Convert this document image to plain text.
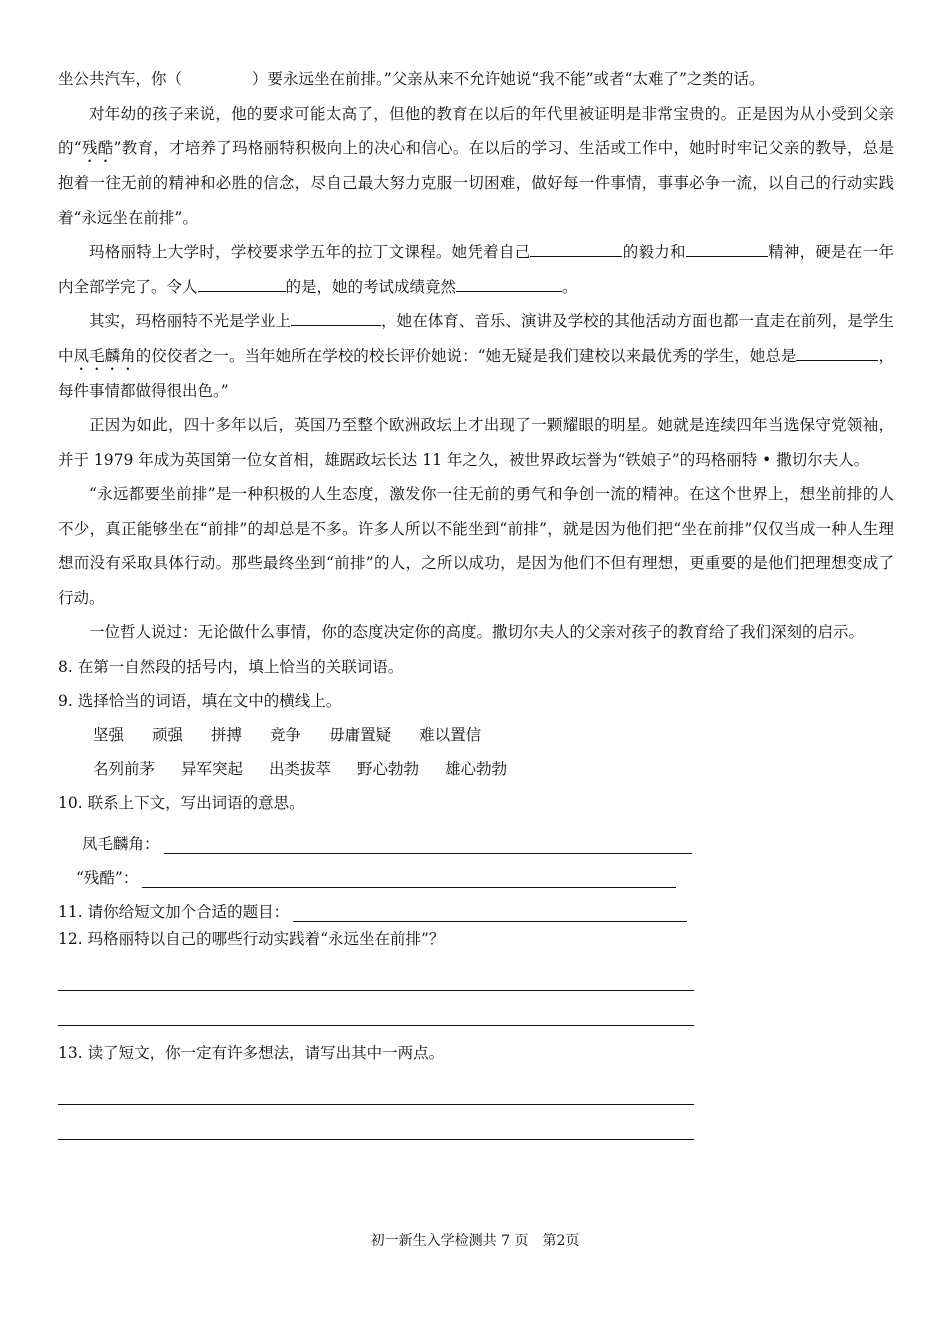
坐公共汽车，你（	）要永远坐在前排。”父亲从来不允许她说“我不能”或者“太难了”之类的话。

对年幼的孩子来说，他的要求可能太高了，但他的教育在以后的年代里被证明是非常宝贵的。正是因为从小受到父亲的“残酷”教育，才培养了玛格丽特积极向上的决心和信心。在以后的学习、生活或工作中，她时时牢记父亲的教导，总是抱着一往无前的精神和必胜的信念，尽自己最大努力克服一切困难，做好每一件事情，事事必争一流，以自己的行动实践着“永远坐在前排”。

玛格丽特上大学时，学校要求学五年的拉丁文课程。她凭着自己	的毅力和	精神，硬是在一年内全部学完了。令人	的是，她的考试成绩竟然	。

其实，玛格丽特不光是学业上	，她在体育、音乐、演讲及学校的其他活动方面也都一直走在前列，是学生中凤毛麟角的佼佼者之一。当年她所在学校的校长评价她说：“她无疑是我们建校以来最优秀的学生，她总是	，每件事情都做得很出色。”

正因为如此，四十多年以后，英国乃至整个欧洲政坛上才出现了一颗耀眼的明星。她就是连续四年当选保守党领袖，并于 1979 年成为英国第一位女首相，雄踞政坛长达 11 年之久，被世界政坛誉为“铁娘子”的玛格丽特 • 撒切尔夫人。

“永远都要坐前排”是一种积极的人生态度，激发你一往无前的勇气和争创一流的精神。在这个世界上，想坐前排的人不少，真正能够坐在“前排”的却总是不多。许多人所以不能坐到“前排”，就是因为他们把“坐在前排”仅仅当成一种人生理想而没有采取具体行动。那些最终坐到“前排”的人，之所以成功，是因为他们不但有理想，更重要的是他们把理想变成了行动。

一位哲人说过：无论做什么事情，你的态度决定你的高度。撒切尔夫人的父亲对孩子的教育给了我们深刻的启示。

8. 在第一自然段的括号内，填上恰当的关联词语。

9. 选择恰当的词语，填在文中的横线上。

坚强 顽强 拼搏 竞争 毋庸置疑 难以置信

名列前茅 异军突起 出类拔萃 野心勃勃 雄心勃勃

10. 联系上下文，写出词语的意思。

凤毛麟角：
“残酷”：
11. 请你给短文加个合适的题目：

12. 玛格丽特以自己的哪些行动实践着“永远坐在前排”？

13. 读了短文，你一定有许多想法，请写出其中一两点。

初一新生入学检测共 7 页　第2页
